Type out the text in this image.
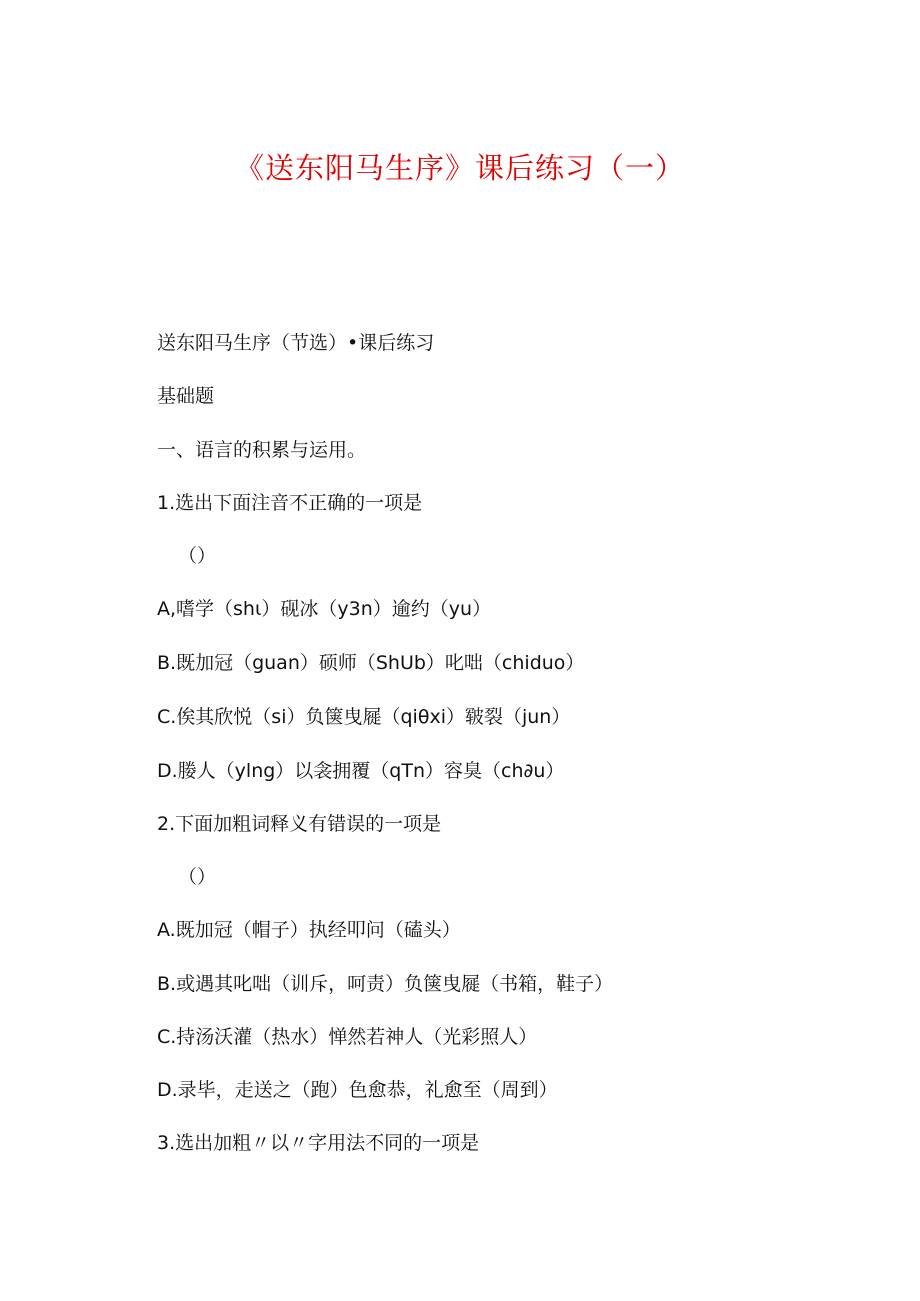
《送东阳马生序》课后练习（一）
送东阳马生序（节选）•课后练习
基础题
一、语言的积累与运用。
1.选出下面注音不正确的一项是
（）
A,嗜学（shι）砚冰（y3n）逾约（yu）
B.既加冠（guan）硕师（ShUb）叱咄（chiduo）
C.俟其欣悦（si）负箧曳屣（qiθxi）皲裂（jun）
D.媵人（ylng）以衾拥覆（qTn）容臭（ch∂u）
2.下面加粗词释义有错误的一项是
（）
A.既加冠（帽子）执经叩问（磕头）
B.或遇其叱咄（训斥，呵责）负箧曳屣（书箱，鞋子）
C.持汤沃灌（热水）惮然若神人（光彩照人）
D.录毕，走送之（跑）色愈恭，礼愈至（周到）
3.选出加粗〃以〃字用法不同的一项是
